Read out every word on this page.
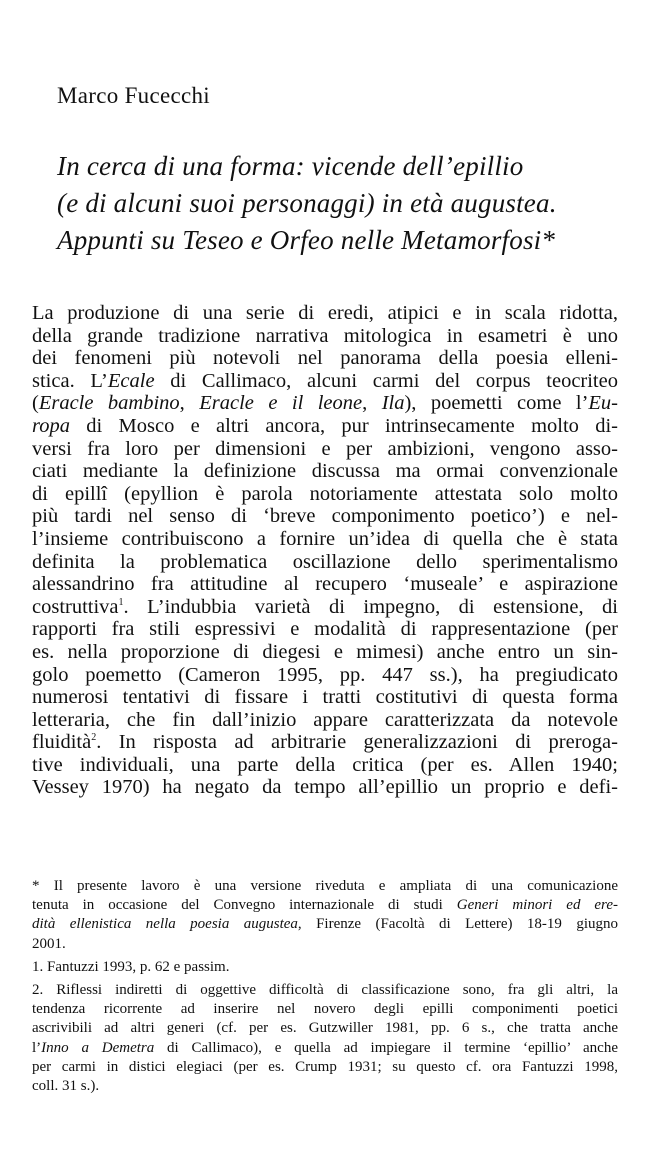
Marco Fucecchi
In cerca di una forma: vicende dell’epillio
(e di alcuni suoi personaggi) in età augustea.
Appunti su Teseo e Orfeo nelle Metamorfosi*
La produzione di una serie di eredi, atipici e in scala ridotta,
della grande tradizione narrativa mitologica in esametri è uno
dei fenomeni più notevoli nel panorama della poesia elleni-
stica. L’Ecale di Callimaco, alcuni carmi del corpus teocriteo
(Eracle bambino, Eracle e il leone, Ila), poemetti come l’Eu-
ropa di Mosco e altri ancora, pur intrinsecamente molto di-
versi fra loro per dimensioni e per ambizioni, vengono asso-
ciati mediante la definizione discussa ma ormai convenzionale
di epillî (epyllion è parola notoriamente attestata solo molto
più tardi nel senso di ‘breve componimento poetico’) e nel-
l’insieme contribuiscono a fornire un’idea di quella che è stata
definita la problematica oscillazione dello sperimentalismo
alessandrino fra attitudine al recupero ‘museale’ e aspirazione
costruttiva$^1$. L’indubbia varietà di impegno, di estensione, di
rapporti fra stili espressivi e modalità di rappresentazione (per
es. nella proporzione di diegesi e mimesi) anche entro un sin-
golo poemetto (Cameron 1995, pp. 447 ss.), ha pregiudicato
numerosi tentativi di fissare i tratti costitutivi di questa forma
letteraria, che fin dall’inizio appare caratterizzata da notevole
fluidità$^2$. In risposta ad arbitrarie generalizzazioni di preroga-
tive individuali, una parte della critica (per es. Allen 1940;
Vessey 1970) ha negato da tempo all’epillio un proprio e defi-
* Il presente lavoro è una versione riveduta e ampliata di una comunicazione
tenuta in occasione del Convegno internazionale di studi Generi minori ed ere-
dità ellenistica nella poesia augustea, Firenze (Facoltà di Lettere) 18-19 giugno
2001.
1. Fantuzzi 1993, p. 62 e passim.
2. Riflessi indiretti di oggettive difficoltà di classificazione sono, fra gli altri, la
tendenza ricorrente ad inserire nel novero degli epilli componimenti poetici
ascrivibili ad altri generi (cf. per es. Gutzwiller 1981, pp. 6 s., che tratta anche
l’Inno a Demetra di Callimaco), e quella ad impiegare il termine ‘epillio’ anche
per carmi in distici elegiaci (per es. Crump 1931; su questo cf. ora Fantuzzi 1998,
coll. 31 s.).
